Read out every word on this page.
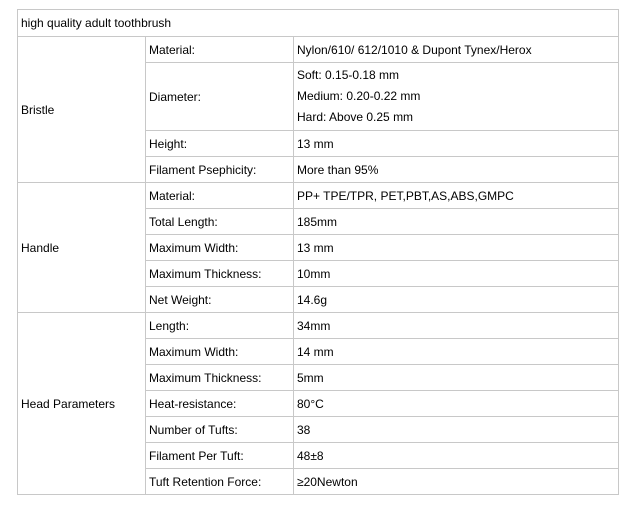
high quality adult toothbrush		
Bristle	Material:	Nylon/610/ 612/1010 & Dupont Tynex/Herox
	Diameter:	Soft: 0.15-0.18 mm
Medium: 0.20-0.22 mm
Hard: Above 0.25 mm

	Height:	13 mm
	Filament Psephicity:	More than 95%
Handle	Material:	PP+ TPE/TPR, PET,PBT,AS,ABS,GMPC
	Total Length:	185mm
	Maximum Width:	13 mm
	Maximum Thickness:	10mm
	Net Weight:	14.6g
Head Parameters	Length:	34mm
	Maximum Width:	14 mm
	Maximum Thickness:	5mm
	Heat-resistance:	80°C
	Number of Tufts:	38
	Filament Per Tuft:	48±8
	Tuft Retention Force:	≥20Newton
